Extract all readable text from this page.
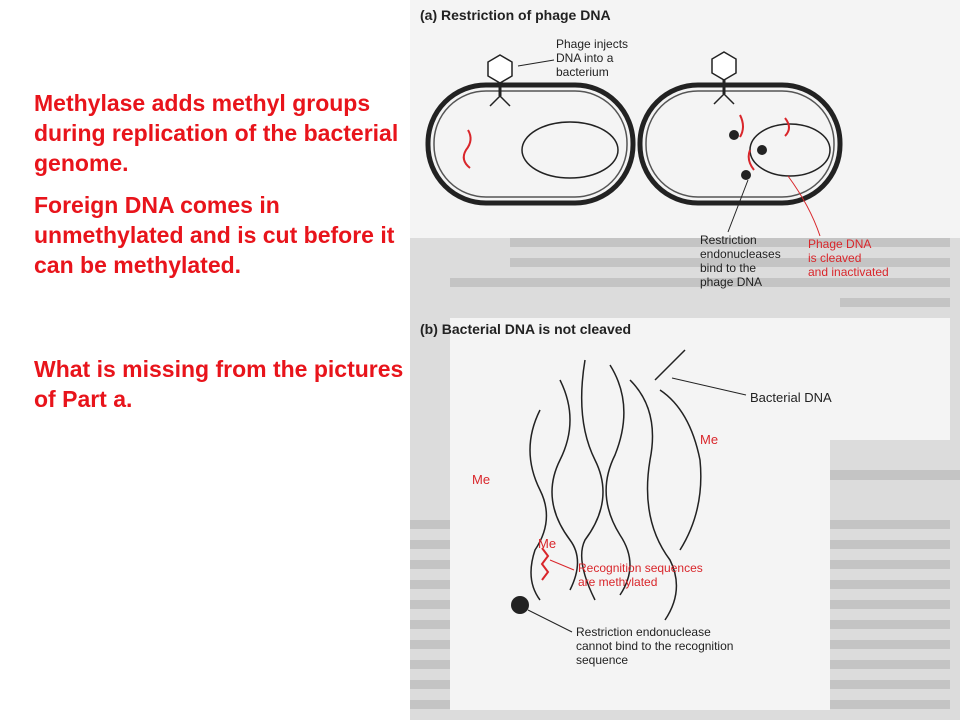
Methylase adds methyl groups during replication of the bacterial genome.

Foreign DNA comes in unmethylated and is cut before it can be methylated.

What is missing from the pictures of Part a.

(a) Restriction of phage DNA
Phage injects DNA into a bacterium
Restriction endonucleases bind to the phage DNA
Phage DNA is cleaved and inactivated
(b) Bacterial DNA is not cleaved
Bacterial DNA
Me
Me
Me
Recognition sequences are methylated
Restriction endonuclease cannot bind to the recognition sequence
